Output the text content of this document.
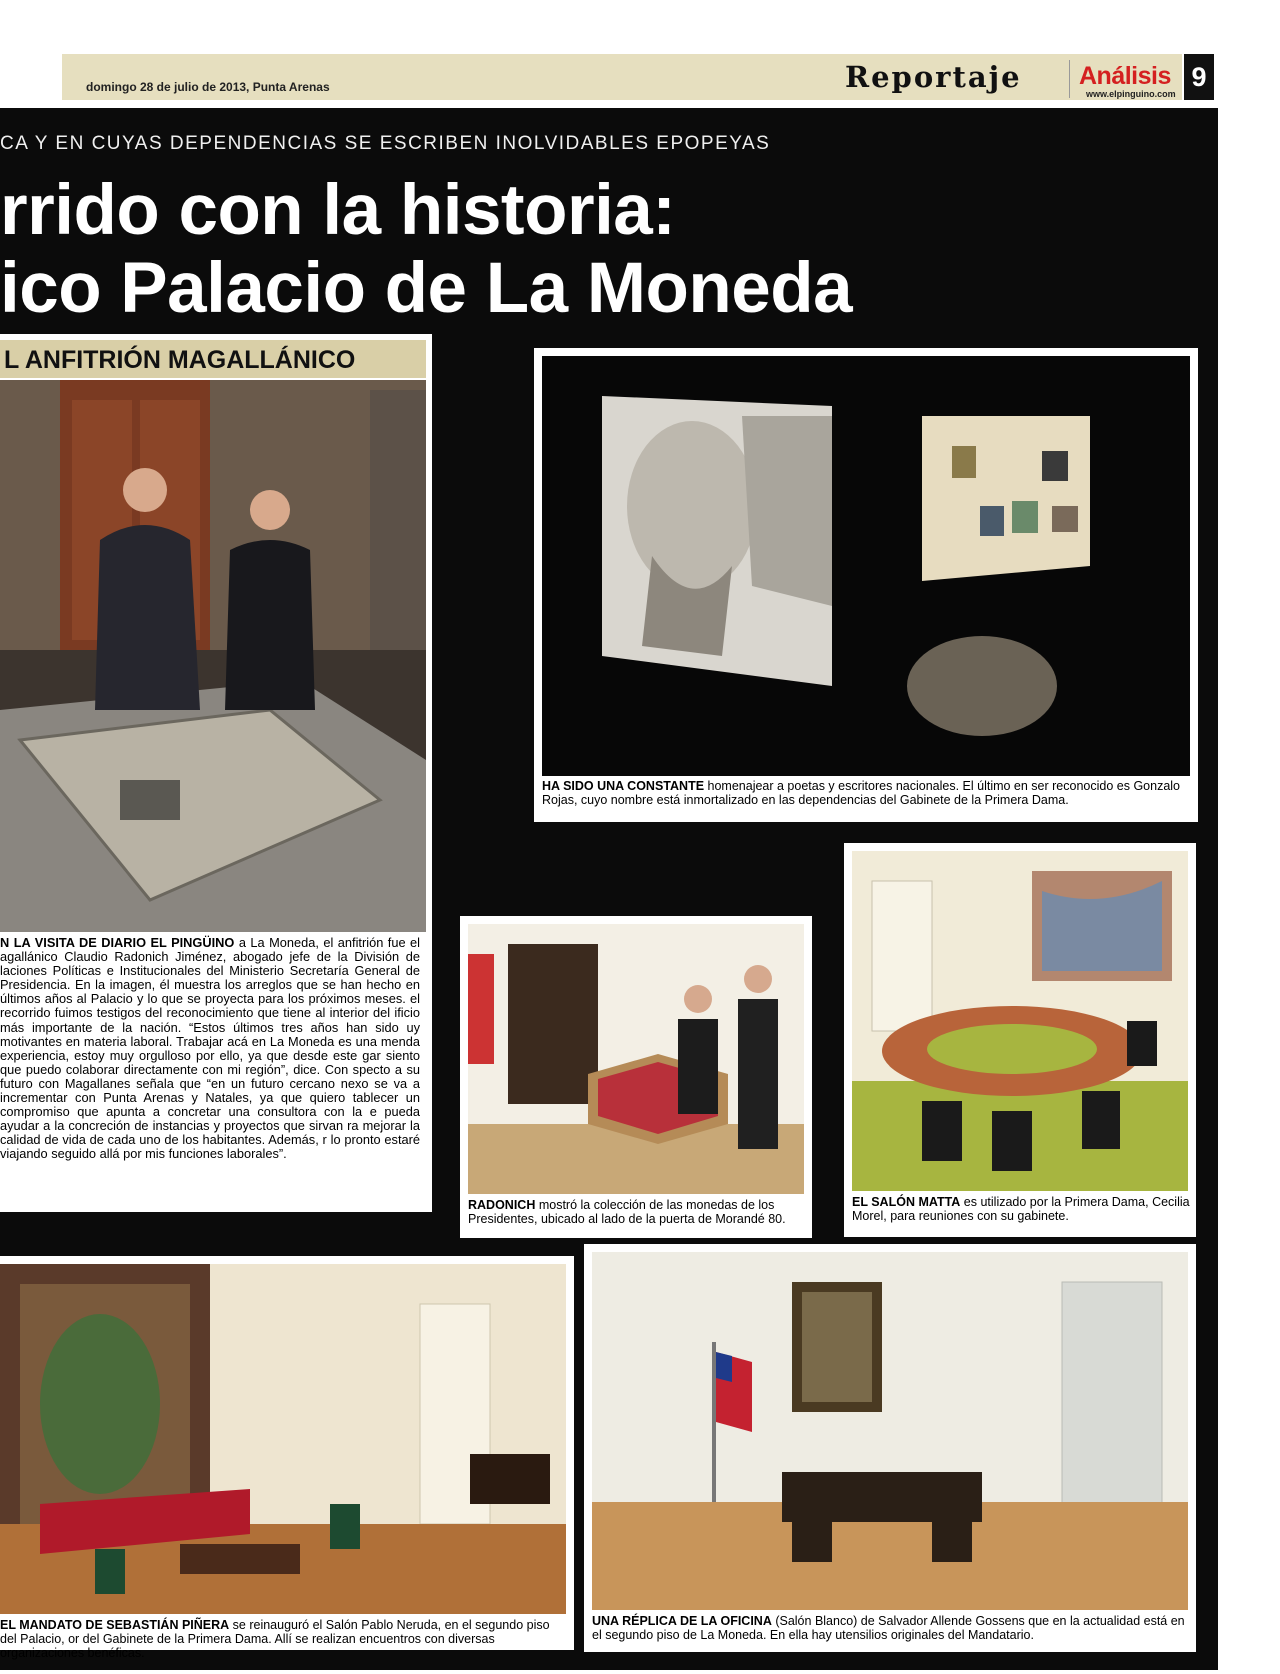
domingo 28 de julio de 2013, Punta Arenas	Reportaje Análisis
www.elpinguino.com
9
CA Y EN CUYAS DEPENDENCIAS SE ESCRIBEN INOLVIDABLES EPOPEYAS
rrido con la historia:
ico Palacio de La Moneda
L ANFITRIÓN MAGALLÁNICO
N LA VISITA DE DIARIO EL PINGÜINO a La Moneda, el anfitrión fue el agallánico Claudio Radonich Jiménez, abogado jefe de la División de laciones Políticas e Institucionales del Ministerio Secretaría General de Presidencia. En la imagen, él muestra los arreglos que se han hecho en últimos años al Palacio y lo que se proyecta para los próximos meses. el recorrido fuimos testigos del reconocimiento que tiene al interior del ificio más importante de la nación. “Estos últimos tres años han sido uy motivantes en materia laboral. Trabajar acá en La Moneda es una mendа experiencia, estoy muy orgulloso por ello, ya que desde este gar siento que puedo colaborar directamente con mi región”, dice. Con specto a su futuro con Magallanes señala que “en un futuro cercano nexo se va a incrementar con Punta Arenas y Natales, ya que quiero tablecer un compromiso que apunta a concretar una consultora con la e pueda ayudar a la concreción de instancias y proyectos que sirvan ra mejorar la calidad de vida de cada uno de los habitantes. Además, r lo pronto estaré viajando seguido allá por mis funciones laborales”.
HA SIDO UNA CONSTANTE homenajear a poetas y escritores nacionales. El último en ser reconocido es Gonzalo Rojas, cuyo nombre está inmortalizado en las dependencias del Gabinete de la Primera Dama.
RADONICH mostró la colección de las monedas de los Presidentes, ubicado al lado de la puerta de Morandé 80.
EL SALÓN MATTA es utilizado por la Primera Dama, Cecilia Morel, para reuniones con su gabinete.
EL MANDATO DE SEBASTIÁN PIÑERA se reinauguró el Salón Pablo Neruda, en el segundo piso del Palacio, or del Gabinete de la Primera Dama. Allí se realizan encuentros con diversas organizaciones benéficas.
UNA RÉPLICA DE LA OFICINA (Salón Blanco) de Salvador Allende Gossens que en la actualidad está en el segundo piso de La Moneda. En ella hay utensilios originales del Mandatario.
